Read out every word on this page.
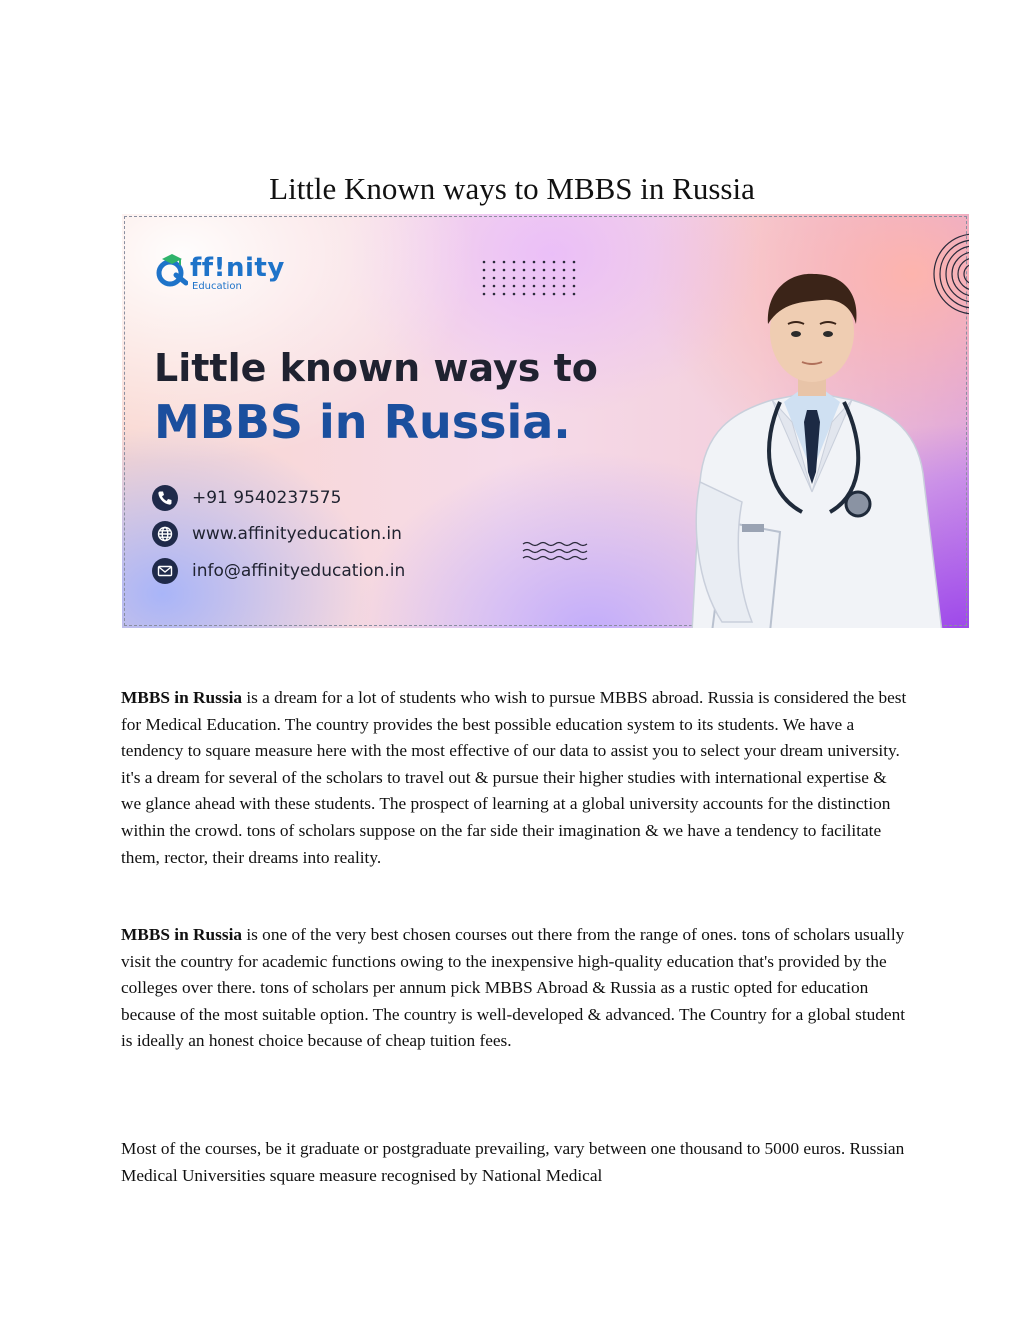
Little Known ways to MBBS in Russia
ff!nity
Education
Little known ways to
MBBS in Russia.
+91 9540237575
www.affinityeducation.in
info@affinityeducation.in

MBBS in Russia is a dream for a lot of students who wish to pursue MBBS abroad. Russia is considered the best for Medical Education. The country provides the best possible education system to its students. We have a tendency to square measure here with the most effective of our data to assist you to select your dream university. it's a dream for several of the scholars to travel out & pursue their higher studies with international expertise & we glance ahead with these students. The prospect of learning at a global university accounts for the distinction within the crowd. tons of scholars suppose on the far side their imagination & we have a tendency to facilitate them, rector, their dreams into reality.

MBBS in Russia is one of the very best chosen courses out there from the range of ones. tons of scholars usually visit the country for academic functions owing to the inexpensive high-quality education that's provided by the colleges over there. tons of scholars per annum pick MBBS Abroad & Russia as a rustic opted for education because of the most suitable option. The country is well-developed & advanced. The Country for a global student is ideally an honest choice because of cheap tuition fees.

Most of the courses, be it graduate or postgraduate prevailing, vary between one thousand to 5000 euros. Russian Medical Universities square measure recognised by National Medical
